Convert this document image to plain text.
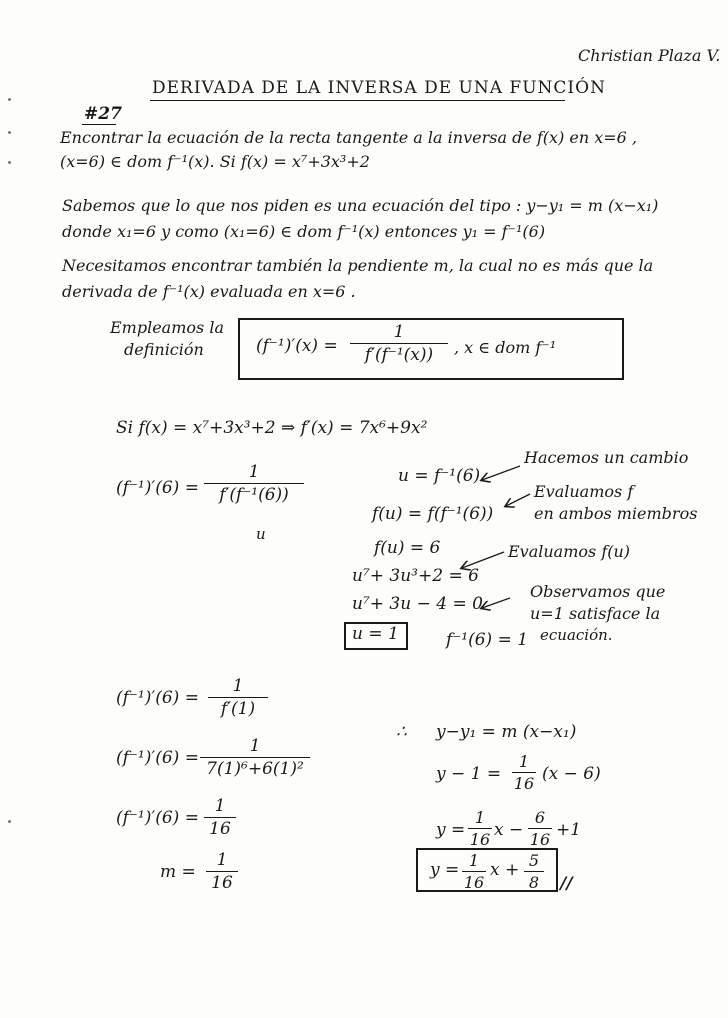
Christian Plaza V.
DERIVADA DE LA INVERSA DE UNA FUNCIÓN
#27
Encontrar la ecuación de la recta tangente a la inversa de f(x) en x=6 ,
(x=6) ∈ dom f⁻¹(x). Si f(x) = x⁷+3x³+2
Sabemos que lo que nos piden es una ecuación del tipo : y−y₁ = m (x−x₁)
donde x₁=6 y como (x₁=6) ∈ dom f⁻¹(x) entonces y₁ = f⁻¹(6)
Necesitamos encontrar también la pendiente m, la cual no es más que la
derivada de f⁻¹(x) evaluada en x=6 .
Empleamos la
definición	(f⁻¹)′(x) =
1
f′(f⁻¹(x))	, x ∈ dom f⁻¹
Si f(x) = x⁷+3x³+2 ⇒ f′(x) = 7x⁶+9x²
(f⁻¹)′(6) =
1
f′(f⁻¹(6))
u
u = f⁻¹(6)
f(u) = f(f⁻¹(6))
f(u) = 6
u⁷+ 3u³+2 = 6
u⁷+ 3u − 4 = 0
u = 1	f⁻¹(6) = 1
Hacemos un cambio
Evaluamos f
en ambos miembros
Evaluamos f(u)
Observamos que
u=1 satisface la
ecuación.
(f⁻¹)′(6) =
1
f′(1)
(f⁻¹)′(6) =
1
7(1)⁶+6(1)²
(f⁻¹)′(6) =
1
16
m =
1
16
∴ y−y₁ = m (x−x₁)
y − 1 =
1
16 (x − 6)
y =
1
16 x −
6
16 +1
y = 1
16
x + 5
8 //
